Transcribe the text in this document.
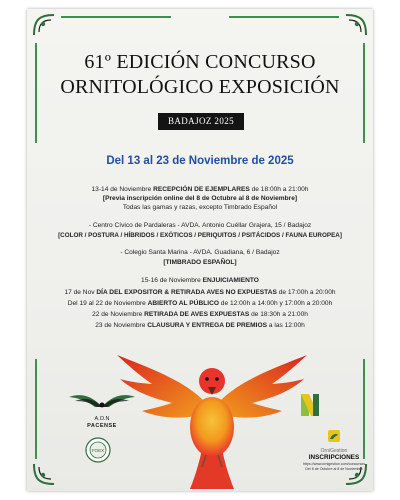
61º EDICIÓN CONCURSO
ORNITOLÓGICO EXPOSICIÓN
BADAJOZ 2025
Del 13 al 23 de Noviembre de 2025
13-14 de Noviembre RECEPCIÓN DE EJEMPLARES de 18:00h a 21:00h
[Previa inscripción online del 8 de Octubre al 8 de Noviembre]
Todas las gamas y razas, excepto Timbrado Español
- Centro Cívico de Pardaleras - AVDA. Antonio Cuéllar Grajera, 15 / Badajoz
[COLOR / POSTURA / HÍBRIDOS / EXÓTICOS / PERIQUITOS / PSITÁCIDOS / FAUNA EUROPEA]
- Colegio Santa Marina - AVDA. Guadiana, 6 / Badajoz
[TIMBRADO ESPAÑOL]
15-16 de Noviembre ENJUICIAMIENTO
17 de Nov DÍA DEL EXPOSITOR & RETIRADA AVES NO EXPUESTAS de 17:00h a 20:00h
Del 19 al 22 de Noviembre ABIERTO AL PÚBLICO de 12:00h a 14:00h y 17:00h a 20:00h
22 de Noviembre RETIRADA DE AVES EXPUESTAS de 18:30h a 21:00h
23 de Noviembre CLAUSURA Y ENTREGA DE PREMIOS a las 12:00h
A.O.N
PACENSE
FOEX	OrniGestion
INSCRIPCIONES
https://www.ornigestion.com/concursos
Del 8 de Octubre al 8 de Noviembre
